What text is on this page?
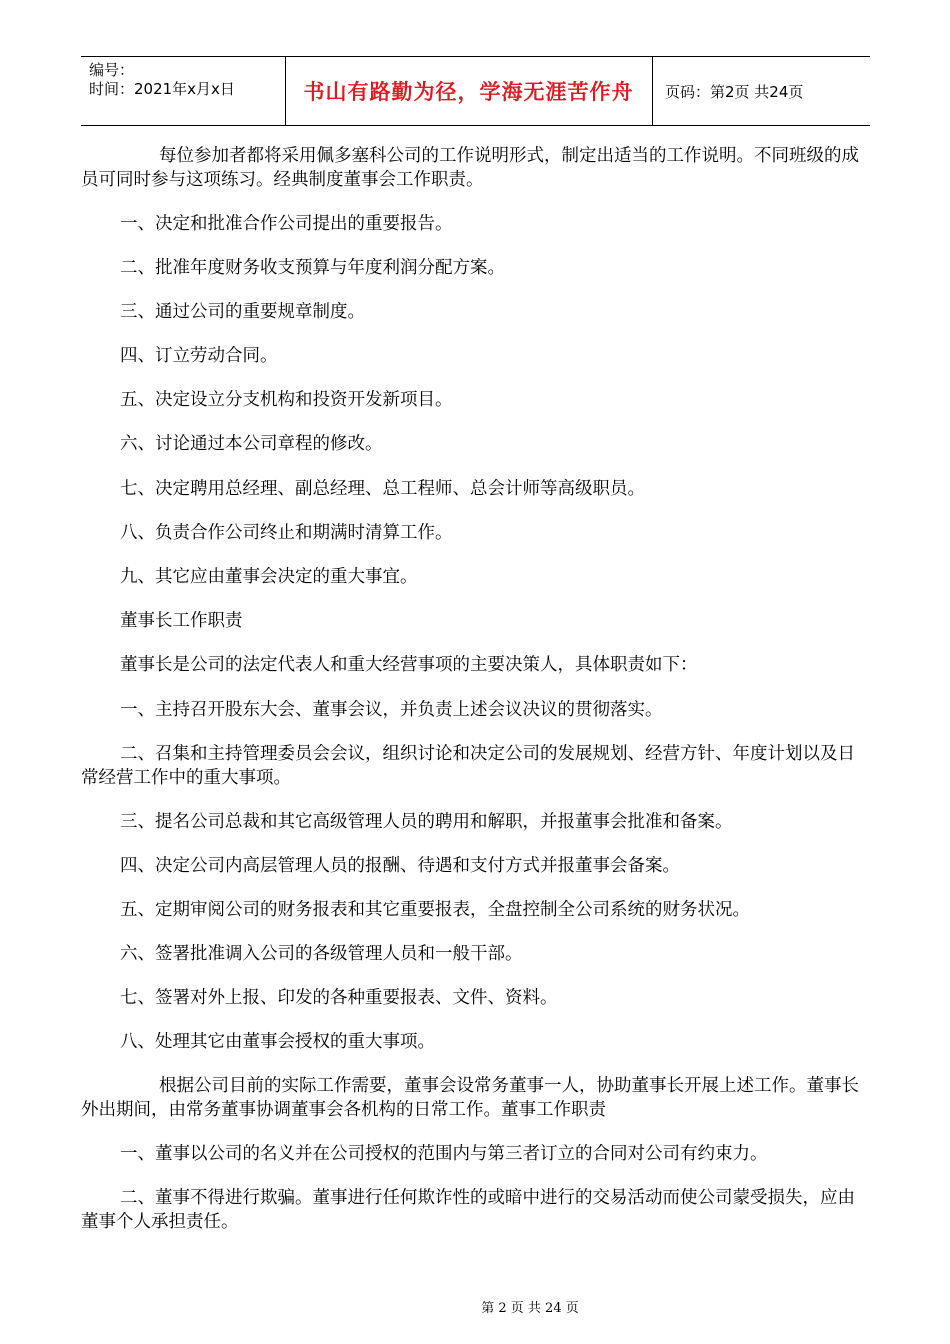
编号：
时间：2021年x月x日	书山有路勤为径，学海无涯苦作舟	页码：第2页 共24页

每位参加者都将采用佩多塞科公司的工作说明形式，制定出适当的工作说明。不同班级的成员可同时参与这项练习。经典制度董事会工作职责。

一、决定和批准合作公司提出的重要报告。

二、批准年度财务收支预算与年度利润分配方案。

三、通过公司的重要规章制度。

四、订立劳动合同。

五、决定设立分支机构和投资开发新项目。

六、讨论通过本公司章程的修改。

七、决定聘用总经理、副总经理、总工程师、总会计师等高级职员。

八、负责合作公司终止和期满时清算工作。

九、其它应由董事会决定的重大事宜。

董事长工作职责

董事长是公司的法定代表人和重大经营事项的主要决策人，具体职责如下：

一、主持召开股东大会、董事会议，并负责上述会议决议的贯彻落实。

二、召集和主持管理委员会会议，组织讨论和决定公司的发展规划、经营方针、年度计划以及日常经营工作中的重大事项。

三、提名公司总裁和其它高级管理人员的聘用和解职，并报董事会批准和备案。

四、决定公司内高层管理人员的报酬、待遇和支付方式并报董事会备案。

五、定期审阅公司的财务报表和其它重要报表，全盘控制全公司系统的财务状况。

六、签署批准调入公司的各级管理人员和一般干部。

七、签署对外上报、印发的各种重要报表、文件、资料。

八、处理其它由董事会授权的重大事项。

根据公司目前的实际工作需要，董事会设常务董事一人，协助董事长开展上述工作。董事长外出期间，由常务董事协调董事会各机构的日常工作。董事工作职责

一、董事以公司的名义并在公司授权的范围内与第三者订立的合同对公司有约束力。

二、董事不得进行欺骗。董事进行任何欺诈性的或暗中进行的交易活动而使公司蒙受损失，应由董事个人承担责任。

第 2 页 共 24 页
